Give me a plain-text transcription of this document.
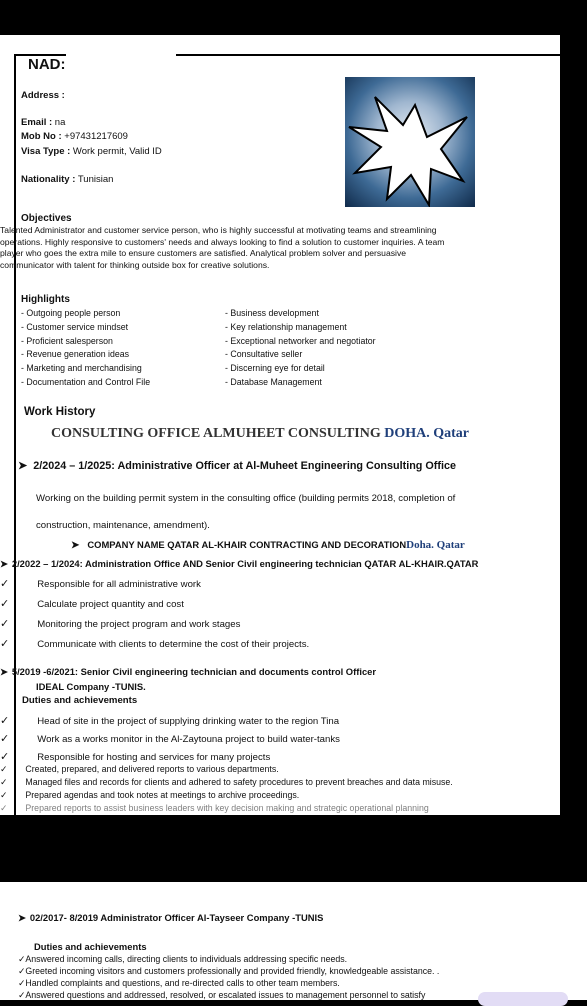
NAD:
Address :
Email : na
Mob No : +97431217609
Visa Type : Work permit, Valid ID
Nationality : Tunisian
Objectives
Talented Administrator and customer service person, who is highly successful at motivating teams and streamlining
operations. Highly responsive to customers' needs and always looking to find a solution to customer inquiries. A team
player who goes the extra mile to ensure customers are satisfied. Analytical problem solver and persuasive
communicator with talent for thinking outside box for creative solutions.
Highlights
- Outgoing people person
- Customer service mindset
- Proficient salesperson
- Revenue generation ideas
- Marketing and merchandising
- Documentation and Control File
- Business development
- Key relationship management
- Exceptional networker and negotiator
- Consultative seller
- Discerning eye for detail
- Database Management
Work History
CONSULTING OFFICE ALMUHEET CONSULTING DOHA. Qatar
➤ 2/2024 – 1/2025: Administrative Officer at Al-Muheet Engineering Consulting Office
Working on the building permit system in the consulting office (building permits 2018, completion of
construction, maintenance, amendment).
➤ COMPANY NAME QATAR AL-KHAIR CONTRACTING AND DECORATIONDoha. Qatar
➤ 2/2022 – 1/2024: Administration Office AND Senior Civil engineering technician QATAR AL-KHAIR.QATAR
✓	Responsible for all administrative work
✓	Calculate project quantity and cost
✓	Monitoring the project program and work stages
✓	Communicate with clients to determine the cost of their projects.
➤ 5/2019 -6/2021: Senior Civil engineering technician and documents control Officer
IDEAL Company -TUNIS.
Duties and achievements
✓	Head of site in the project of supplying drinking water to the region Tina
✓	Work as a works monitor in the Al-Zaytouna project to build water-tanks
✓	Responsible for hosting and services for many projects
✓ Created, prepared, and delivered reports to various departments.
✓ Managed files and records for clients and adhered to safety procedures to prevent breaches and data misuse.
✓ Prepared agendas and took notes at meetings to archive proceedings.
✓ Prepared reports to assist business leaders with key decision making and strategic operational planning
➤ 02/2017- 8/2019 Administrator Officer Al-Tayseer Company -TUNIS
Duties and achievements
✓Answered incoming calls, directing clients to individuals addressing specific needs.
✓Greeted incoming visitors and customers professionally and provided friendly, knowledgeable assistance. .
✓Handled complaints and questions, and re-directed calls to other team members.
✓Answered questions and addressed, resolved, or escalated issues to management personnel to satisfy
